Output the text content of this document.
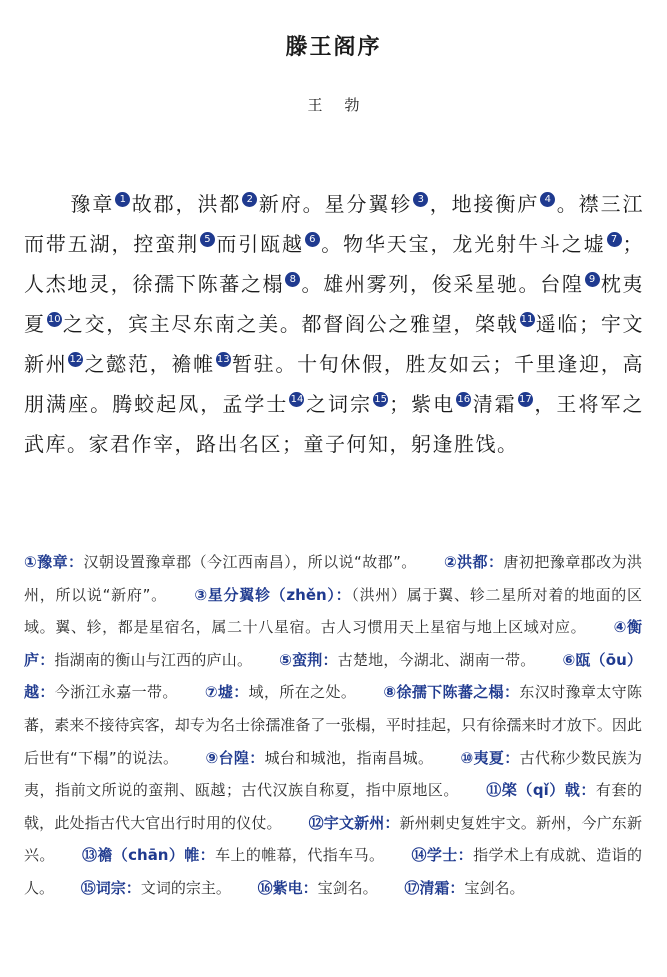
滕王阁序
王勃
豫章 1 故郡，洪都 2 新府。星分翼轸 3 ，地接衡庐 4 。襟三江而带五湖，控蛮荆 5 而引瓯越 6 。物华天宝，龙光射牛斗之墟 7 ；人杰地灵，徐孺下陈蕃之榻 8 。雄州雾列，俊采星驰。台隍 9 枕夷夏 10 之交，宾主尽东南之美。都督阎公之雅望，棨戟 11 遥临；宇文新州 12 之懿范，襜帷 13 暂驻。十旬休假，胜友如云；千里逢迎，高朋满座。腾蛟起凤，孟学士 14 之词宗 15 ；紫电 16 清霜 17 ，王将军之武库。家君作宰，路出名区；童子何知，躬逢胜饯。
①豫章：汉朝设置豫章郡（今江西南昌），所以说“故郡”。 ②洪都：唐初把豫章郡改为洪州，所以说“新府”。 ③星分翼轸（zhěn）：（洪州）属于翼、轸二星所对着的地面的区域。翼、轸，都是星宿名，属二十八星宿。古人习惯用天上星宿与地上区域对应。 ④衡庐：指湖南的衡山与江西的庐山。 ⑤蛮荆：古楚地，今湖北、湖南一带。 ⑥瓯（ōu）越：今浙江永嘉一带。 ⑦墟：域，所在之处。 ⑧徐孺下陈蕃之榻：东汉时豫章太守陈蕃，素来不接待宾客，却专为名士徐孺准备了一张榻，平时挂起，只有徐孺来时才放下。因此后世有“下榻”的说法。 ⑨台隍：城台和城池，指南昌城。 ⑩夷夏：古代称少数民族为夷，指前文所说的蛮荆、瓯越；古代汉族自称夏，指中原地区。 ⑪棨（qǐ）戟：有套的戟，此处指古代大官出行时用的仪仗。 ⑫宇文新州：新州刺史复姓宇文。新州，今广东新兴。 ⑬襜（chān）帷：车上的帷幕，代指车马。 ⑭学士：指学术上有成就、造诣的人。 ⑮词宗：文词的宗主。 ⑯紫电：宝剑名。 ⑰清霜：宝剑名。
